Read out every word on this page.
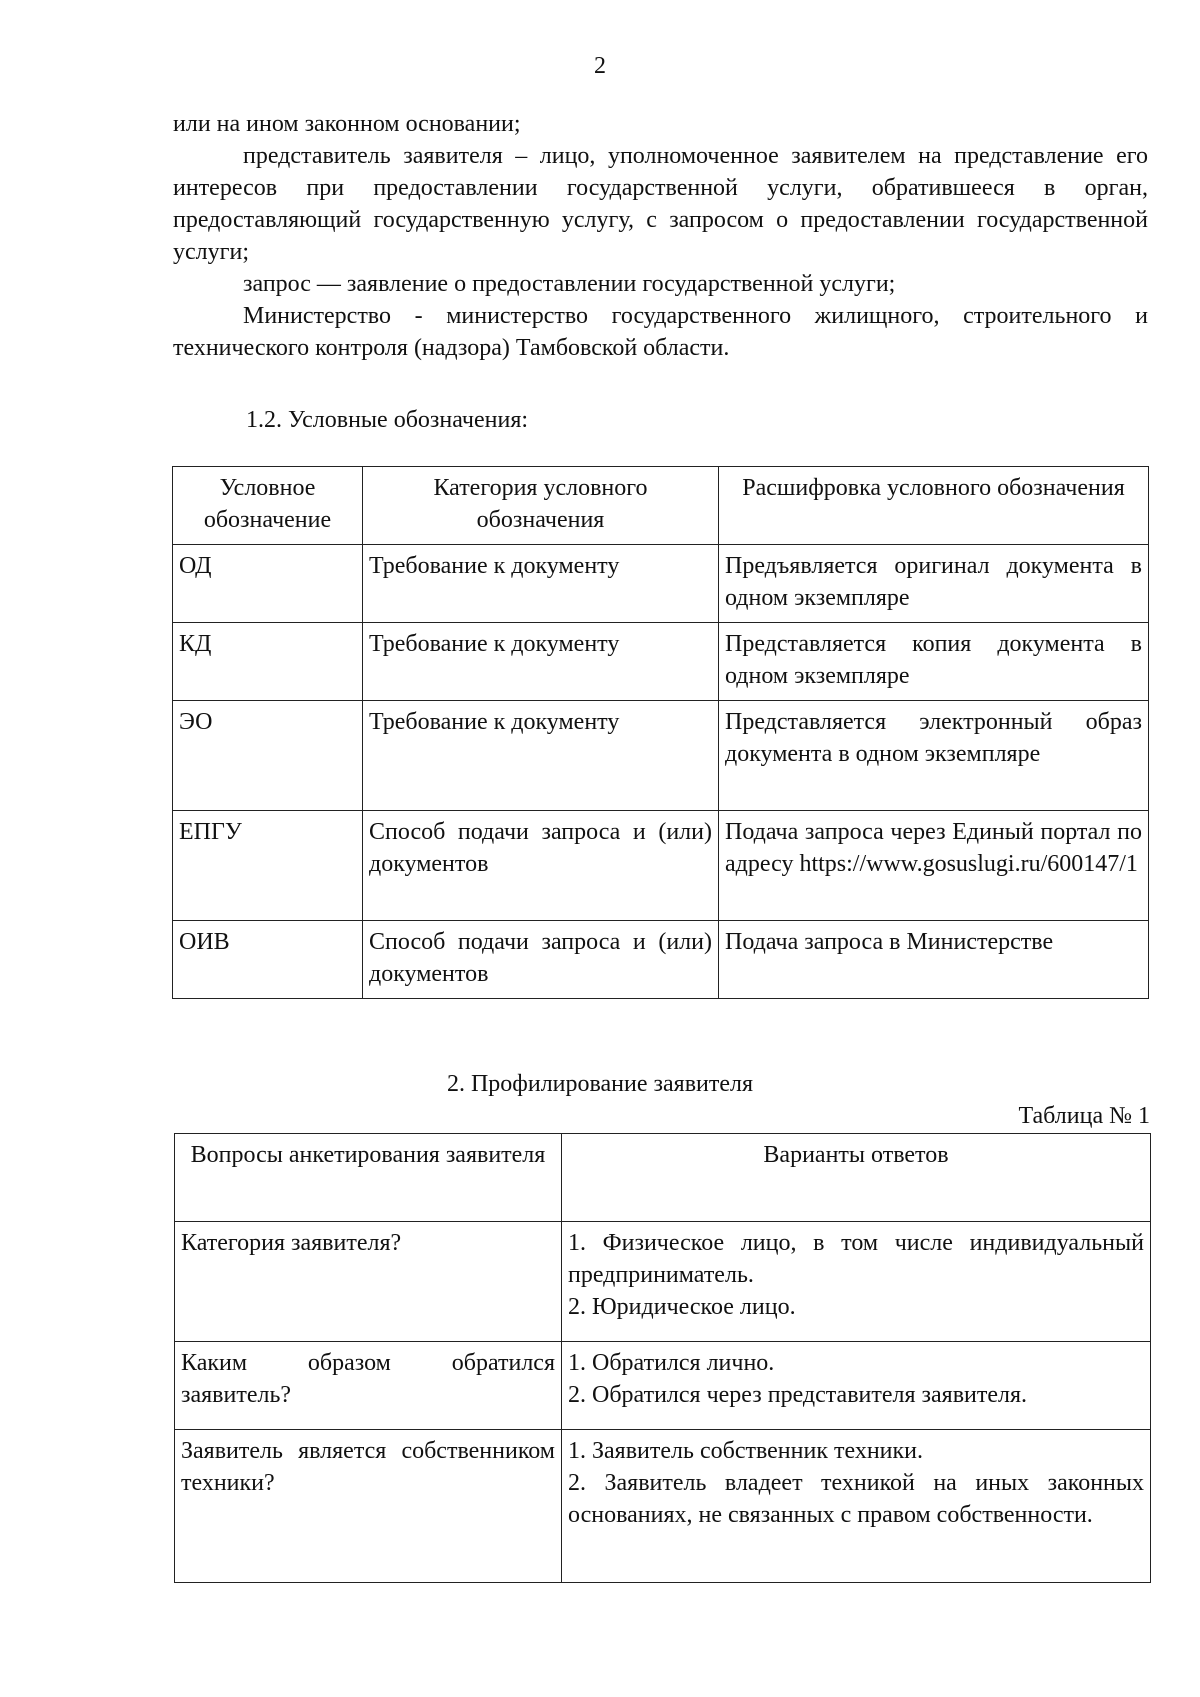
2

или на ином законном основании;

представитель заявителя – лицо, уполномоченное заявителем на представление его интересов при предоставлении государственной услуги, обратившееся в орган, предоставляющий государственную услугу, с запросом о предоставлении государственной услуги;

запрос — заявление о предоставлении государственной услуги;

Министерство - министерство государственного жилищного, строительного и технического контроля (надзора) Тамбовской области.

1.2. Условные обозначения:
Условное обозначение	Категория условного обозначения	Расшифровка условного обозначения
ОД	Требование к документу	Предъявляется оригинал документа в одном экземпляре
КД	Требование к документу	Представляется копия документа в одном экземпляре
ЭО	Требование к документу	Представляется электронный образ документа в одном экземпляре
ЕПГУ	Способ подачи запроса и (или) документов	Подача запроса через Единый портал по адресу https://www.gosuslugi.ru/600147/1
ОИВ	Способ подачи запроса и (или) документов	Подача запроса в Министерстве
2. Профилирование заявителя
Таблица № 1
Вопросы анкетирования заявителя	Варианты ответов
Категория заявителя?	1. Физическое лицо, в том числе индивидуальный предприниматель.
2. Юридическое лицо.

Каким образом обратился заявитель?	1. Обратился лично.
2. Обратился через представителя заявителя.

Заявитель является собственником техники?	1. Заявитель собственник техники.
2. Заявитель владеет техникой на иных законных основаниях, не связанных с правом собственности.
